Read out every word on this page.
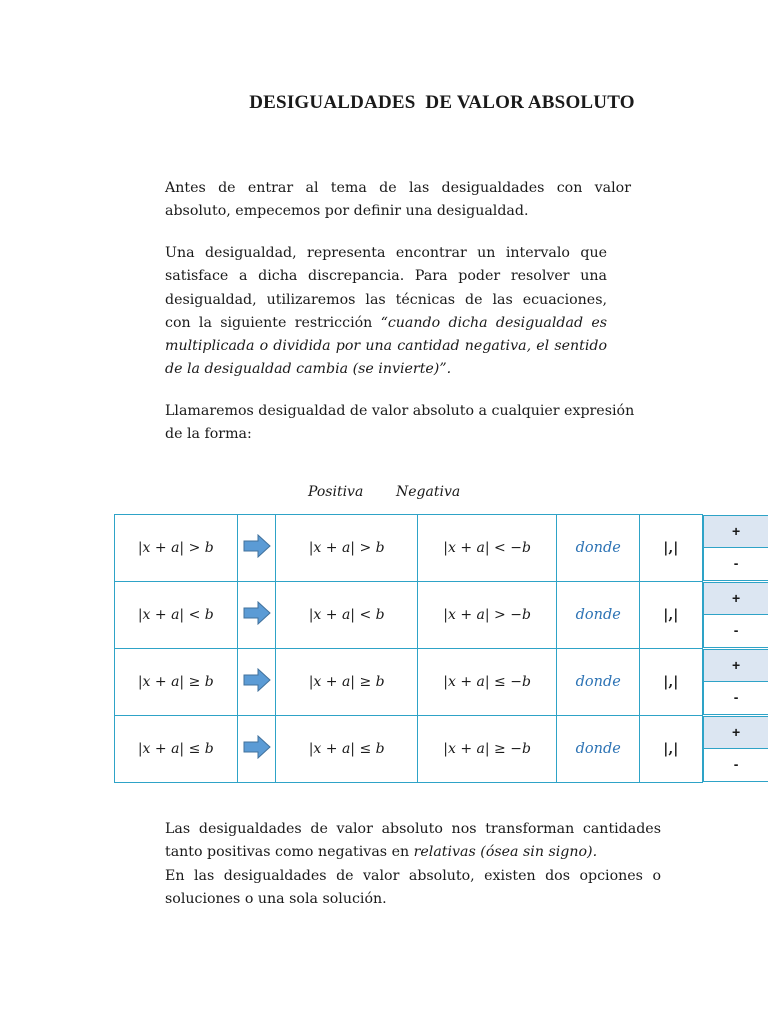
DESIGUALDADES  DE VALOR ABSOLUTO
Antes de entrar al tema de las desigualdades con valor
absoluto, empecemos por definir una desigualdad.
Una desigualdad, representa encontrar un intervalo que
satisface a dicha discrepancia. Para poder resolver una
desigualdad, utilizaremos las técnicas de las ecuaciones,
con la siguiente restricción “cuando dicha desigualdad es
multiplicada o dividida por una cantidad negativa, el sentido
de la desigualdad cambia (se invierte)”.
Llamaremos desigualdad de valor absoluto a cualquier expresión
de la forma:
Positiva Negativa
|x + a| > b		|x + a| > b	|x + a| < −b	donde	|,|	+
-

|x + a| < b		|x + a| < b	|x + a| > −b	donde	|,|	+
-

|x + a| ≥ b		|x + a| ≥ b	|x + a| ≤ −b	donde	|,|	+
-

|x + a| ≤ b		|x + a| ≤ b	|x + a| ≥ −b	donde	|,|	+
-
Las desigualdades de valor absoluto nos transforman cantidades
tanto positivas como negativas en relativas (ósea sin signo).
En las desigualdades de valor absoluto, existen dos opciones o
soluciones o una sola solución.
